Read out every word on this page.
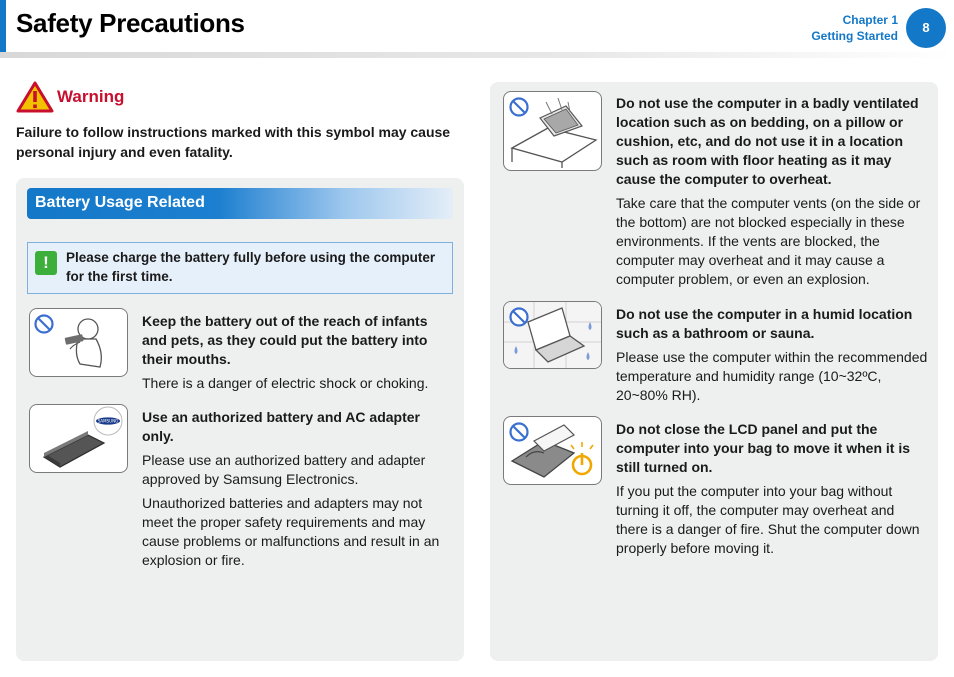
Safety Precautions	Chapter 1
Getting Started
8
Warning
Failure to follow instructions marked with this symbol may cause personal injury and even fatality.
Battery Usage Related
!	Please charge the battery fully before using the computer for the first time.
Keep the battery out of the reach of infants and pets, as they could put the battery into their mouths.

There is a danger of electric shock or choking.

SAMSUNG Use an authorized battery and AC adapter only.

Please use an authorized battery and adapter approved by Samsung Electronics.

Unauthorized batteries and adapters may not meet the proper safety requirements and may cause problems or malfunctions and result in an explosion or fire.

Do not use the computer in a badly ventilated location such as on bedding, on a pillow or cushion, etc, and do not use it in a location such as room with floor heating as it may cause the computer to overheat.

Take care that the computer vents (on the side or the bottom) are not blocked especially in these environments. If the vents are blocked, the computer may overheat and it may cause a computer problem, or even an explosion.

Do not use the computer in a humid location such as a bathroom or sauna.

Please use the computer within the recommended temperature and humidity range (10~32ºC, 20~80% RH).

Do not close the LCD panel and put the computer into your bag to move it when it is still turned on.

If you put the computer into your bag without turning it off, the computer may overheat and there is a danger of fire. Shut the computer down properly before moving it.
